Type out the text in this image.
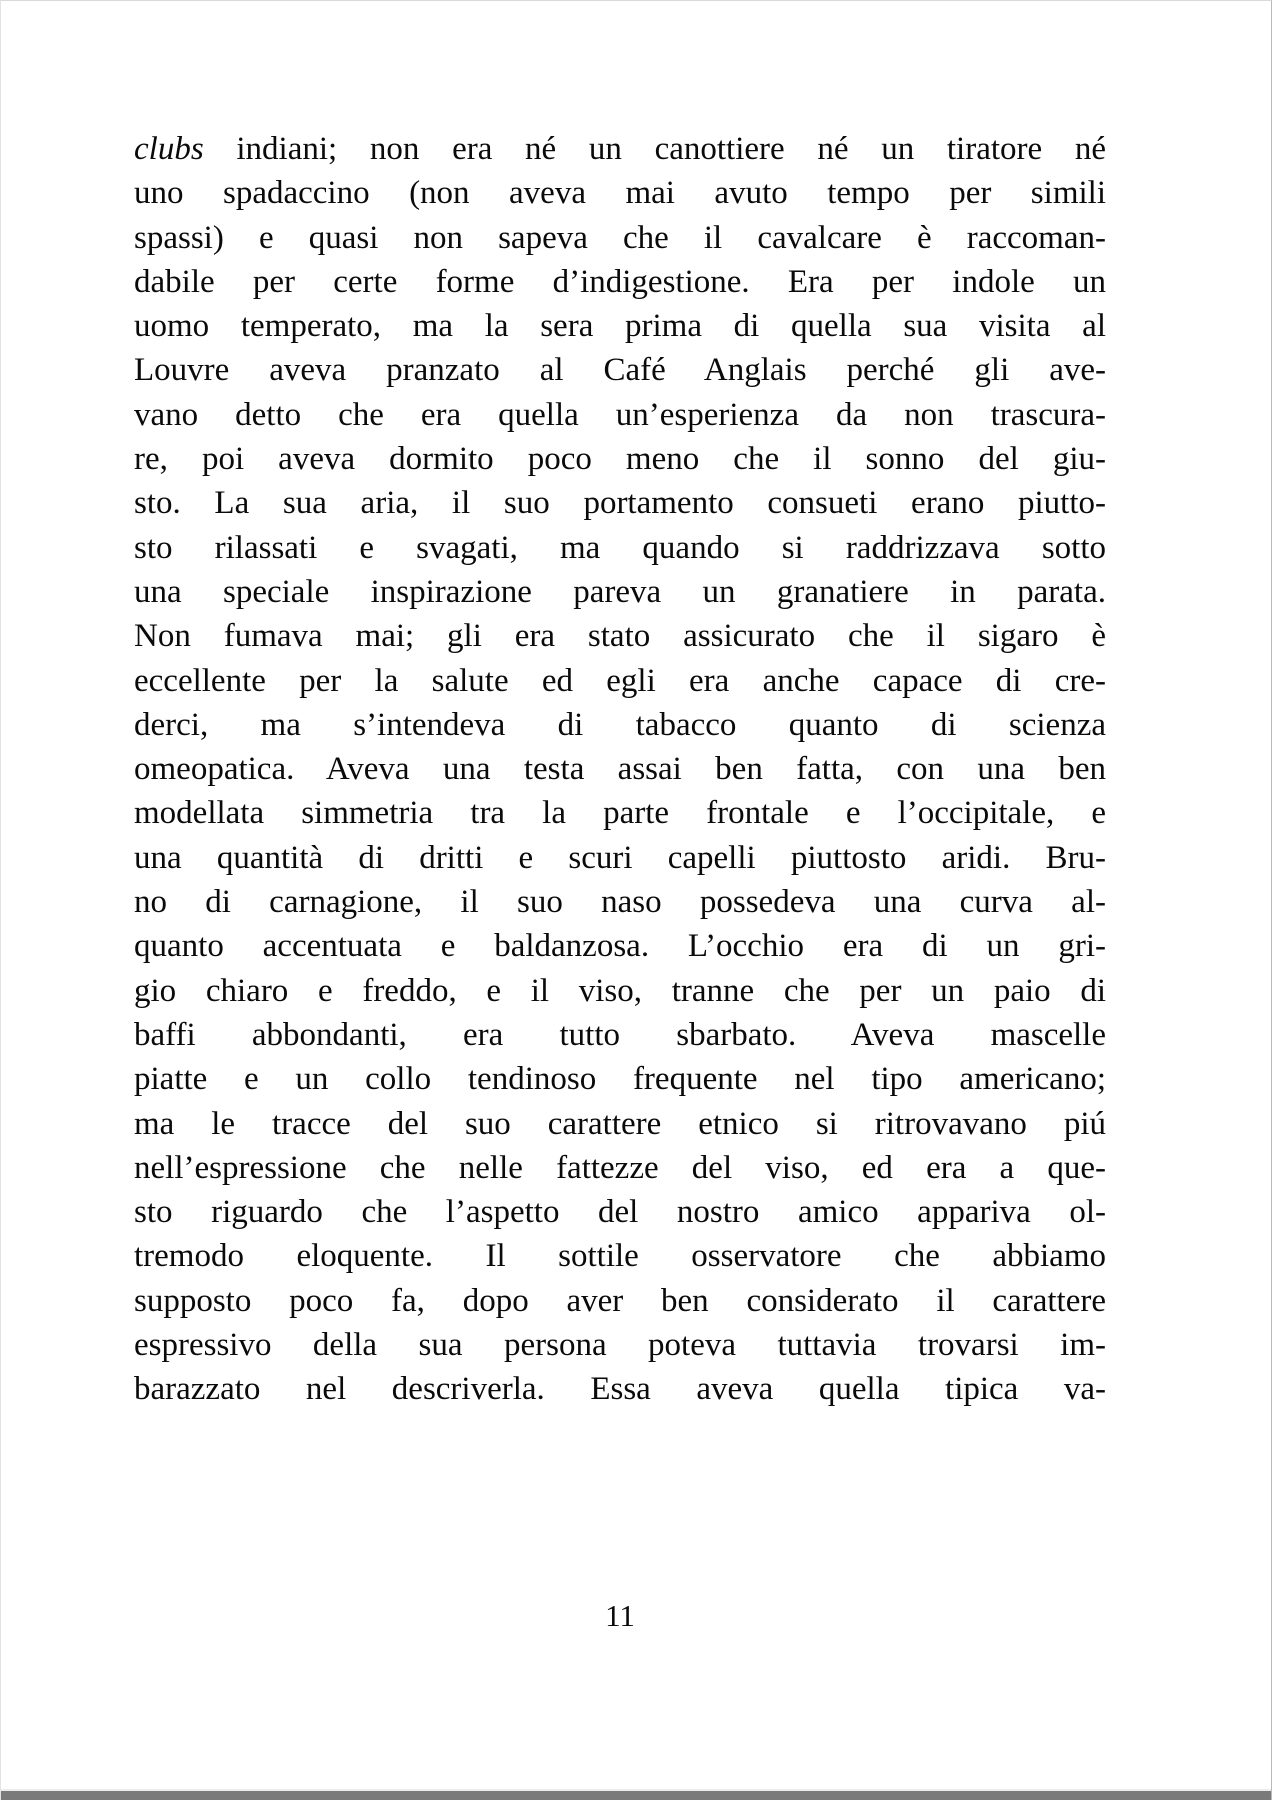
clubs indiani; non era né un canottiere né un tiratore né
uno spadaccino (non aveva mai avuto tempo per simili
spassi) e quasi non sapeva che il cavalcare è raccoman-
dabile per certe forme d’indigestione. Era per indole un
uomo temperato, ma la sera prima di quella sua visita al
Louvre aveva pranzato al Café Anglais perché gli ave-
vano detto che era quella un’esperienza da non trascura-
re, poi aveva dormito poco meno che il sonno del giu-
sto. La sua aria, il suo portamento consueti erano piutto-
sto rilassati e svagati, ma quando si raddrizzava sotto
una speciale inspirazione pareva un granatiere in parata.
Non fumava mai; gli era stato assicurato che il sigaro è
eccellente per la salute ed egli era anche capace di cre-
derci, ma s’intendeva di tabacco quanto di scienza
omeopatica. Aveva una testa assai ben fatta, con una ben
modellata simmetria tra la parte frontale e l’occipitale, e
una quantità di dritti e scuri capelli piuttosto aridi. Bru-
no di carnagione, il suo naso possedeva una curva al-
quanto accentuata e baldanzosa. L’occhio era di un gri-
gio chiaro e freddo, e il viso, tranne che per un paio di
baffi abbondanti, era tutto sbarbato. Aveva mascelle
piatte e un collo tendinoso frequente nel tipo americano;
ma le tracce del suo carattere etnico si ritrovavano piú
nell’espressione che nelle fattezze del viso, ed era a que-
sto riguardo che l’aspetto del nostro amico appariva ol-
tremodo eloquente. Il sottile osservatore che abbiamo
supposto poco fa, dopo aver ben considerato il carattere
espressivo della sua persona poteva tuttavia trovarsi im-
barazzato nel descriverla. Essa aveva quella tipica va-
11
